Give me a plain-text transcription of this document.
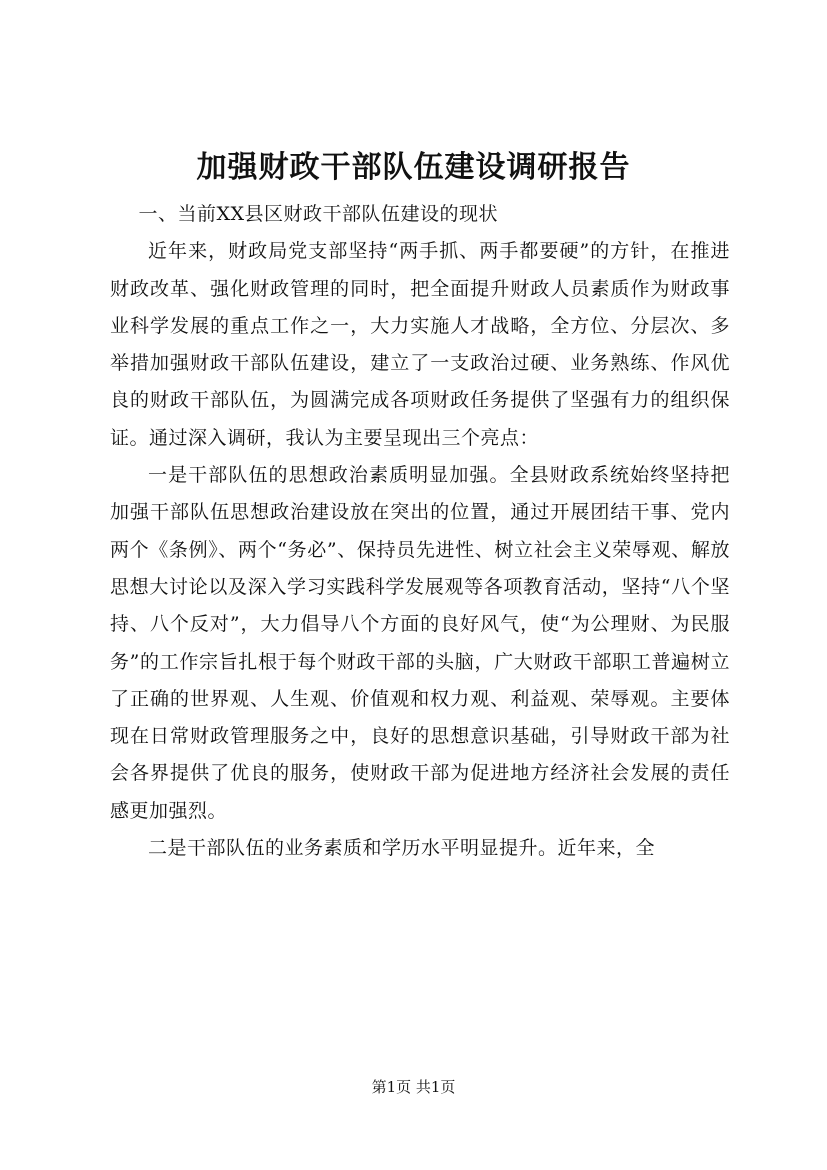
加强财政干部队伍建设调研报告

一、当前XX县区财政干部队伍建设的现状

近年来，财政局党支部坚持“两手抓、两手都要硬”的方针，在推进财政改革、强化财政管理的同时，把全面提升财政人员素质作为财政事业科学发展的重点工作之一，大力实施人才战略，全方位、分层次、多举措加强财政干部队伍建设，建立了一支政治过硬、业务熟练、作风优良的财政干部队伍，为圆满完成各项财政任务提供了坚强有力的组织保证。通过深入调研，我认为主要呈现出三个亮点：

一是干部队伍的思想政治素质明显加强。全县财政系统始终坚持把加强干部队伍思想政治建设放在突出的位置，通过开展团结干事、党内两个《条例》、两个“务必”、保持员先进性、树立社会主义荣辱观、解放思想大讨论以及深入学习实践科学发展观等各项教育活动，坚持“八个坚持、八个反对”，大力倡导八个方面的良好风气，使“为公理财、为民服务”的工作宗旨扎根于每个财政干部的头脑，广大财政干部职工普遍树立了正确的世界观、人生观、价值观和权力观、利益观、荣辱观。主要体现在日常财政管理服务之中，良好的思想意识基础，引导财政干部为社会各界提供了优良的服务，使财政干部为促进地方经济社会发展的责任感更加强烈。

二是干部队伍的业务素质和学历水平明显提升。近年来，全

第1页 共1页
